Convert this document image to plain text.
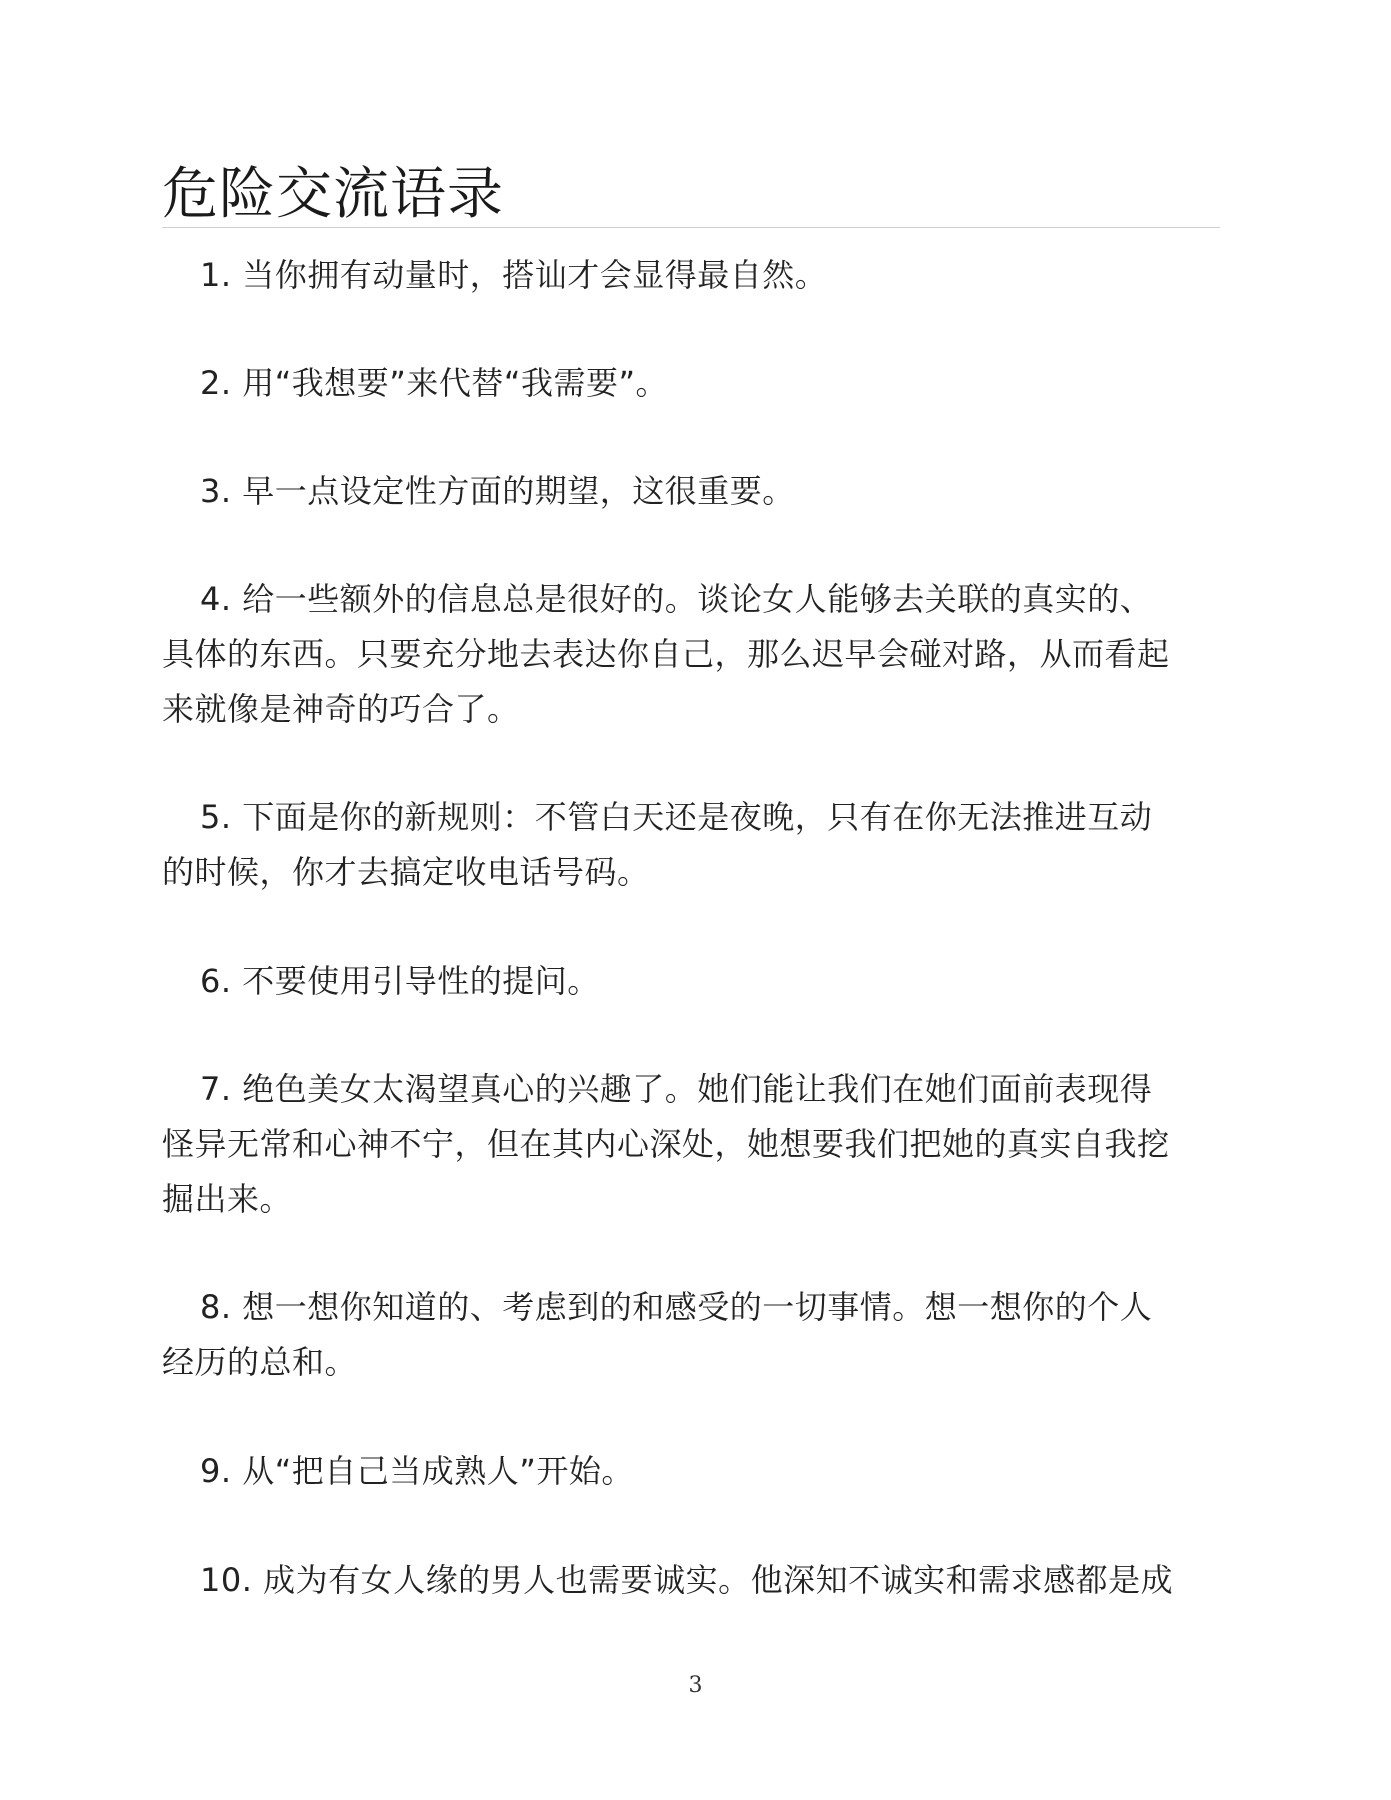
危险交流语录

1. 当你拥有动量时，搭讪才会显得最自然。

2. 用“我想要”来代替“我需要”。

3. 早一点设定性方面的期望，这很重要。

4. 给一些额外的信息总是很好的。谈论女人能够去关联的真实的、
具体的东西。只要充分地去表达你自己，那么迟早会碰对路，从而看起
来就像是神奇的巧合了。

5. 下面是你的新规则：不管白天还是夜晚，只有在你无法推进互动
的时候，你才去搞定收电话号码。

6. 不要使用引导性的提问。

7. 绝色美女太渴望真心的兴趣了。她们能让我们在她们面前表现得
怪异无常和心神不宁，但在其内心深处，她想要我们把她的真实自我挖
掘出来。

8. 想一想你知道的、考虑到的和感受的一切事情。想一想你的个人
经历的总和。

9. 从“把自己当成熟人”开始。

10. 成为有女人缘的男人也需要诚实。他深知不诚实和需求感都是成

3
